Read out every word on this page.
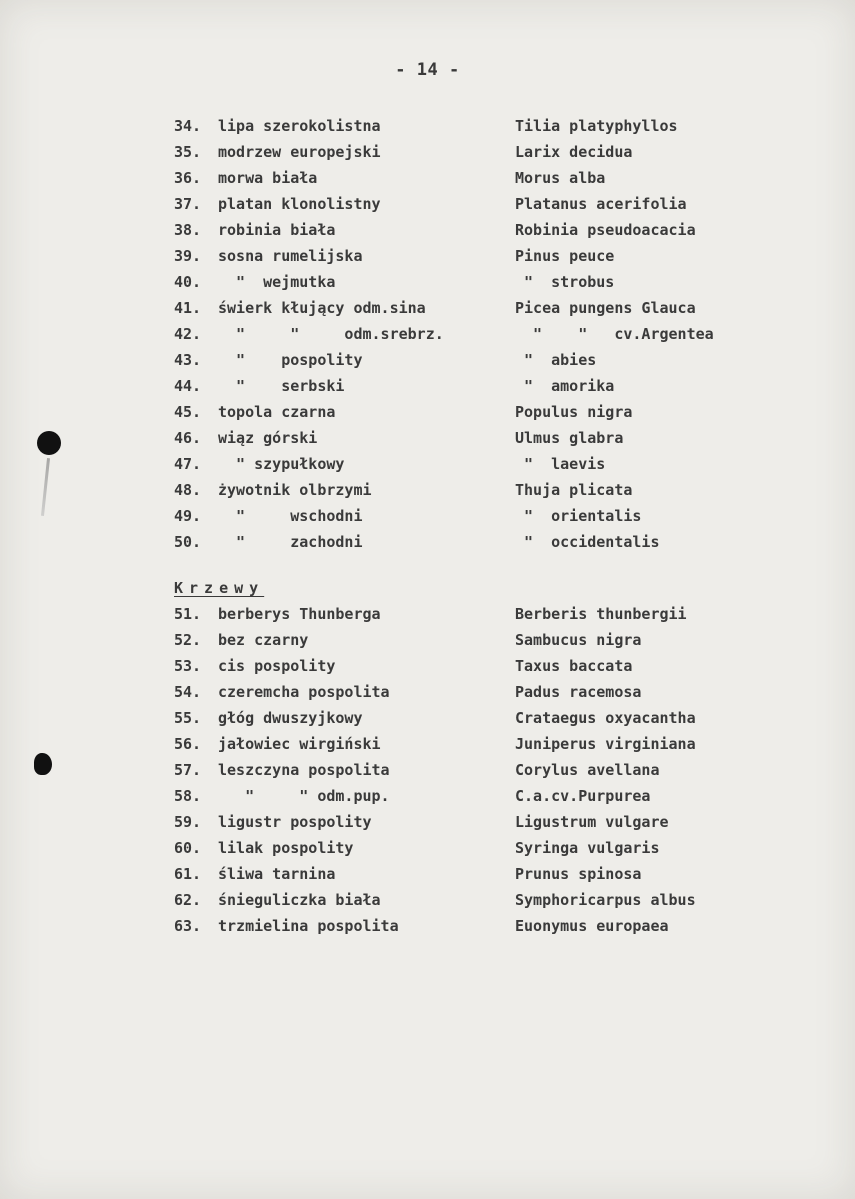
- 14 -
34. lipa szerokolistna	Tilia platyphyllos
35. modrzew europejski	Larix decidua
36. morwa biała	Morus alba
37. platan klonolistny	Platanus acerifolia
38. robinia biała	Robinia pseudoacacia
39. sosna rumelijska	Pinus peuce
40. "  wejmutka	"  strobus
41. świerk kłujący odm.sina	Picea pungens Glauca
42. "     "     odm.srebrz.	"    "   cv.Argentea
43. "    pospolity	"  abies
44. "    serbski	"  amorika
45. topola czarna	Populus nigra
46. wiąz górski	Ulmus glabra
47. " szypułkowy	"  laevis
48. żywotnik olbrzymi	Thuja plicata
49. "     wschodni	"  orientalis
50. "     zachodni	"  occidentalis
Krzewy
51. berberys Thunberga	Berberis thunbergii
52. bez czarny	Sambucus nigra
53. cis pospolity	Taxus baccata
54. czeremcha pospolita	Padus racemosa
55. głóg dwuszyjkowy	Crataegus oxyacantha
56. jałowiec wirgiński	Juniperus virginiana
57. leszczyna pospolita	Corylus avellana
58. "     " odm.pup.	C.a.cv.Purpurea
59. ligustr pospolity	Ligustrum vulgare
60. lilak pospolity	Syringa vulgaris
61. śliwa tarnina	Prunus spinosa
62. śnieguliczka biała	Symphoricarpus albus
63. trzmielina pospolita	Euonymus europaea
